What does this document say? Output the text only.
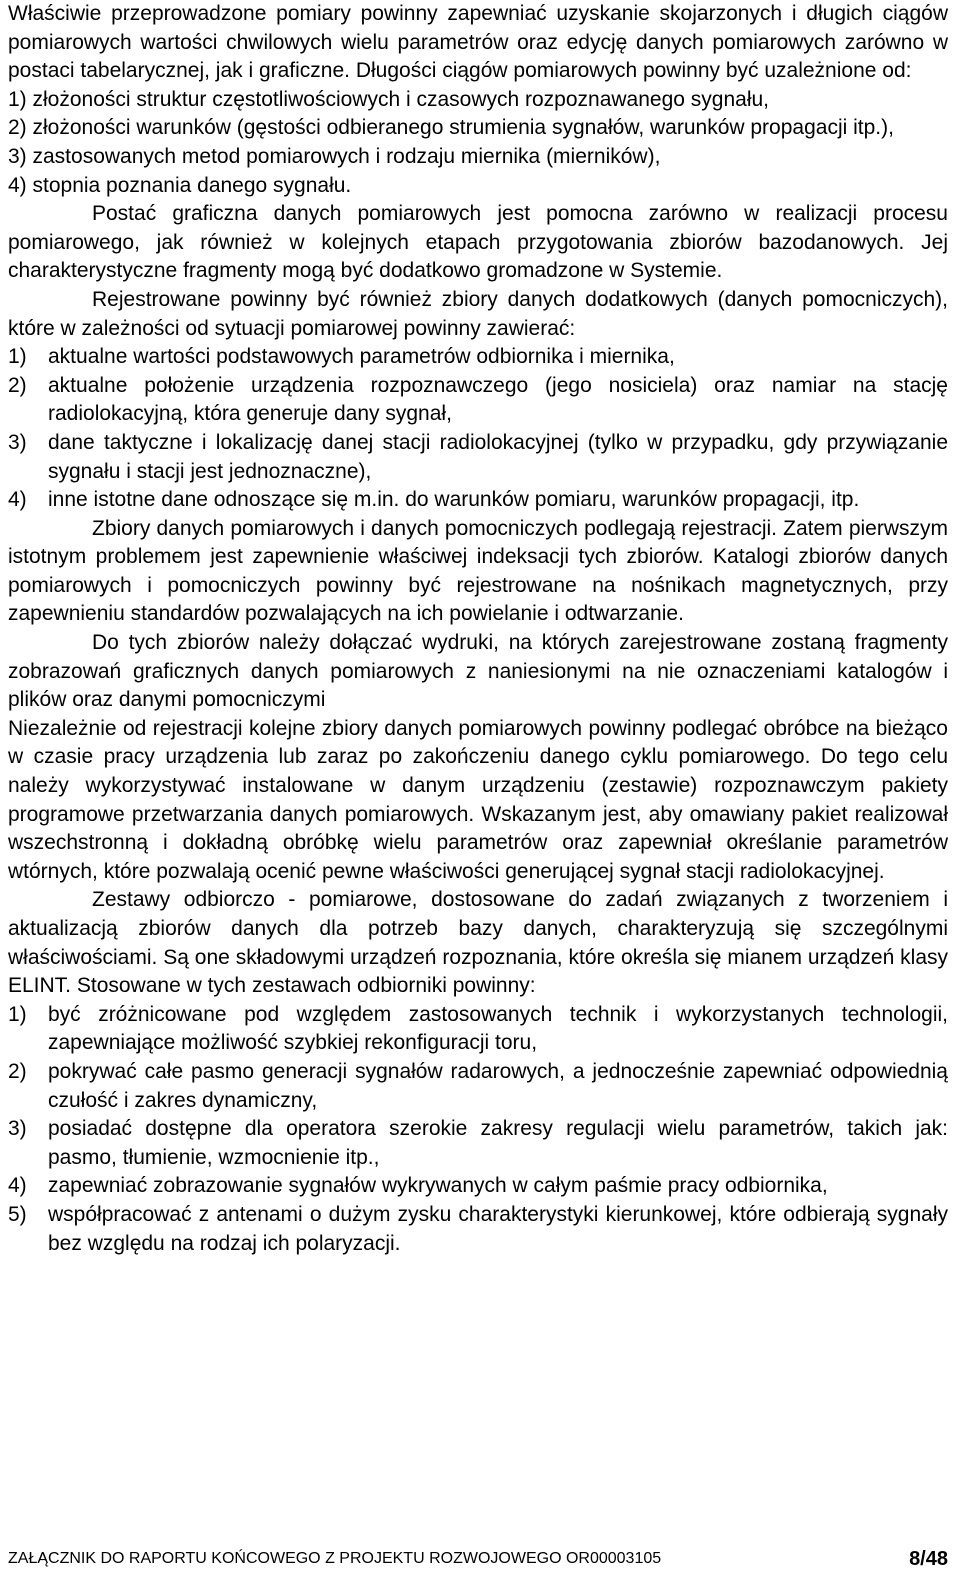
Właściwie przeprowadzone pomiary powinny zapewniać uzyskanie skojarzonych i długich ciągów pomiarowych wartości chwilowych wielu parametrów oraz edycję danych pomiarowych zarówno w postaci tabelarycznej, jak i graficzne. Długości ciągów pomiarowych powinny być uzależnione od:

1) złożoności struktur częstotliwościowych i czasowych rozpoznawanego sygnału,
2) złożoności warunków (gęstości odbieranego strumienia sygnałów, warunków propagacji itp.),
3) zastosowanych metod pomiarowych i rodzaju miernika (mierników),
4) stopnia poznania danego sygnału.

Postać graficzna danych pomiarowych jest pomocna zarówno w realizacji procesu pomiarowego, jak również w kolejnych etapach przygotowania zbiorów bazodanowych. Jej charakterystyczne fragmenty mogą być dodatkowo gromadzone w Systemie.

Rejestrowane powinny być również zbiory danych dodatkowych (danych pomocniczych), które w zależności od sytuacji pomiarowej powinny zawierać:

1) aktualne wartości podstawowych parametrów odbiornika i miernika,
2) aktualne położenie urządzenia rozpoznawczego (jego nosiciela) oraz namiar na stację radiolokacyjną, która generuje dany sygnał,
3) dane taktyczne i lokalizację danej stacji radiolokacyjnej (tylko w przypadku, gdy przywiązanie sygnału i stacji jest jednoznaczne),
4) inne istotne dane odnoszące się m.in. do warunków pomiaru, warunków propagacji, itp.

Zbiory danych pomiarowych i danych pomocniczych podlegają rejestracji. Zatem pierwszym istotnym problemem jest zapewnienie właściwej indeksacji tych zbiorów. Katalogi zbiorów danych pomiarowych i pomocniczych powinny być rejestrowane na nośnikach magnetycznych, przy zapewnieniu standardów pozwalających na ich powielanie i odtwarzanie.

Do tych zbiorów należy dołączać wydruki, na których zarejestrowane zostaną fragmenty zobrazowań graficznych danych pomiarowych z naniesionymi na nie oznaczeniami katalogów i plików oraz danymi pomocniczymi

Niezależnie od rejestracji kolejne zbiory danych pomiarowych powinny podlegać obróbce na bieżąco w czasie pracy urządzenia lub zaraz po zakończeniu danego cyklu pomiarowego. Do tego celu należy wykorzystywać instalowane w danym urządzeniu (zestawie) rozpoznawczym pakiety programowe przetwarzania danych pomiarowych. Wskazanym jest, aby omawiany pakiet realizował wszechstronną i dokładną obróbkę wielu parametrów oraz zapewniał określanie parametrów wtórnych, które pozwalają ocenić pewne właściwości generującej sygnał stacji radiolokacyjnej.

Zestawy odbiorczo - pomiarowe, dostosowane do zadań związanych z tworzeniem i aktualizacją zbiorów danych dla potrzeb bazy danych, charakteryzują się szczególnymi właściwościami. Są one składowymi urządzeń rozpoznania, które określa się mianem urządzeń klasy ELINT. Stosowane w tych zestawach odbiorniki powinny:

1) być zróżnicowane pod względem zastosowanych technik i wykorzystanych technologii, zapewniające możliwość szybkiej rekonfiguracji toru,
2) pokrywać całe pasmo generacji sygnałów radarowych, a jednocześnie zapewniać odpowiednią czułość i zakres dynamiczny,
3) posiadać dostępne dla operatora szerokie zakresy regulacji wielu parametrów, takich jak: pasmo, tłumienie, wzmocnienie itp.,
4) zapewniać zobrazowanie sygnałów wykrywanych w całym paśmie pracy odbiornika,
5) współpracować z antenami o dużym zysku charakterystyki kierunkowej, które odbierają sygnały bez względu na rodzaj ich polaryzacji.
ZAŁĄCZNIK DO RAPORTU KOŃCOWEGO Z PROJEKTU ROZWOJOWEGO OR00003105	8/48
